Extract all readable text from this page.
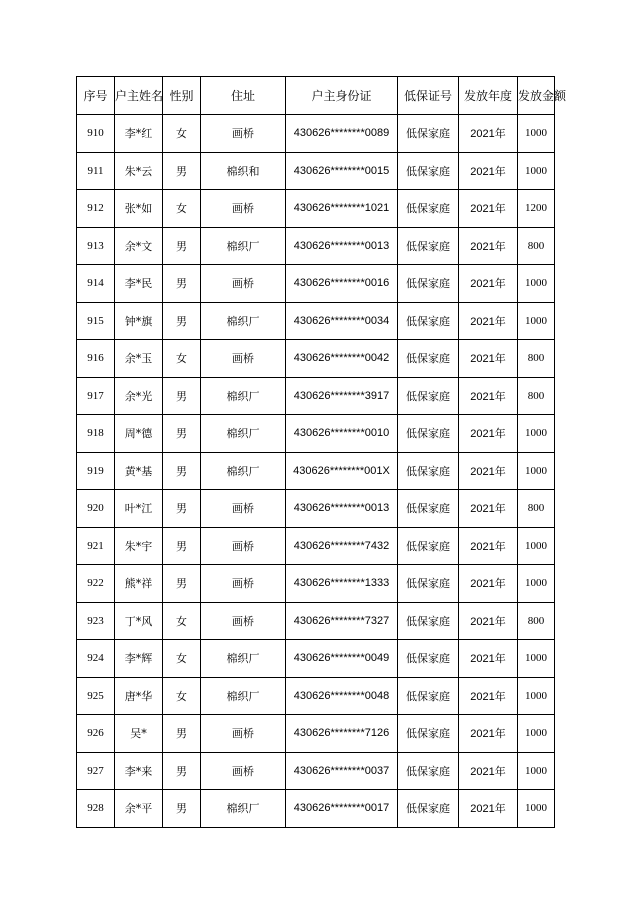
序号	户主姓名	性别	住址	户主身份证	低保证号	发放年度	发放金额
910	李*红	女	画桥	430626********0089	低保家庭	2021年	1000
911	朱*云	男	棉织和	430626********0015	低保家庭	2021年	1000
912	张*如	女	画桥	430626********1021	低保家庭	2021年	1200
913	余*文	男	棉织厂	430626********0013	低保家庭	2021年	800
914	李*民	男	画桥	430626********0016	低保家庭	2021年	1000
915	钟*旗	男	棉织厂	430626********0034	低保家庭	2021年	1000
916	余*玉	女	画桥	430626********0042	低保家庭	2021年	800
917	余*光	男	棉织厂	430626********3917	低保家庭	2021年	800
918	周*德	男	棉织厂	430626********0010	低保家庭	2021年	1000
919	黄*基	男	棉织厂	430626********001X	低保家庭	2021年	1000
920	叶*江	男	画桥	430626********0013	低保家庭	2021年	800
921	朱*宇	男	画桥	430626********7432	低保家庭	2021年	1000
922	熊*祥	男	画桥	430626********1333	低保家庭	2021年	1000
923	丁*风	女	画桥	430626********7327	低保家庭	2021年	800
924	李*辉	女	棉织厂	430626********0049	低保家庭	2021年	1000
925	唐*华	女	棉织厂	430626********0048	低保家庭	2021年	1000
926	吴*	男	画桥	430626********7126	低保家庭	2021年	1000
927	李*来	男	画桥	430626********0037	低保家庭	2021年	1000
928	余*平	男	棉织厂	430626********0017	低保家庭	2021年	1000
